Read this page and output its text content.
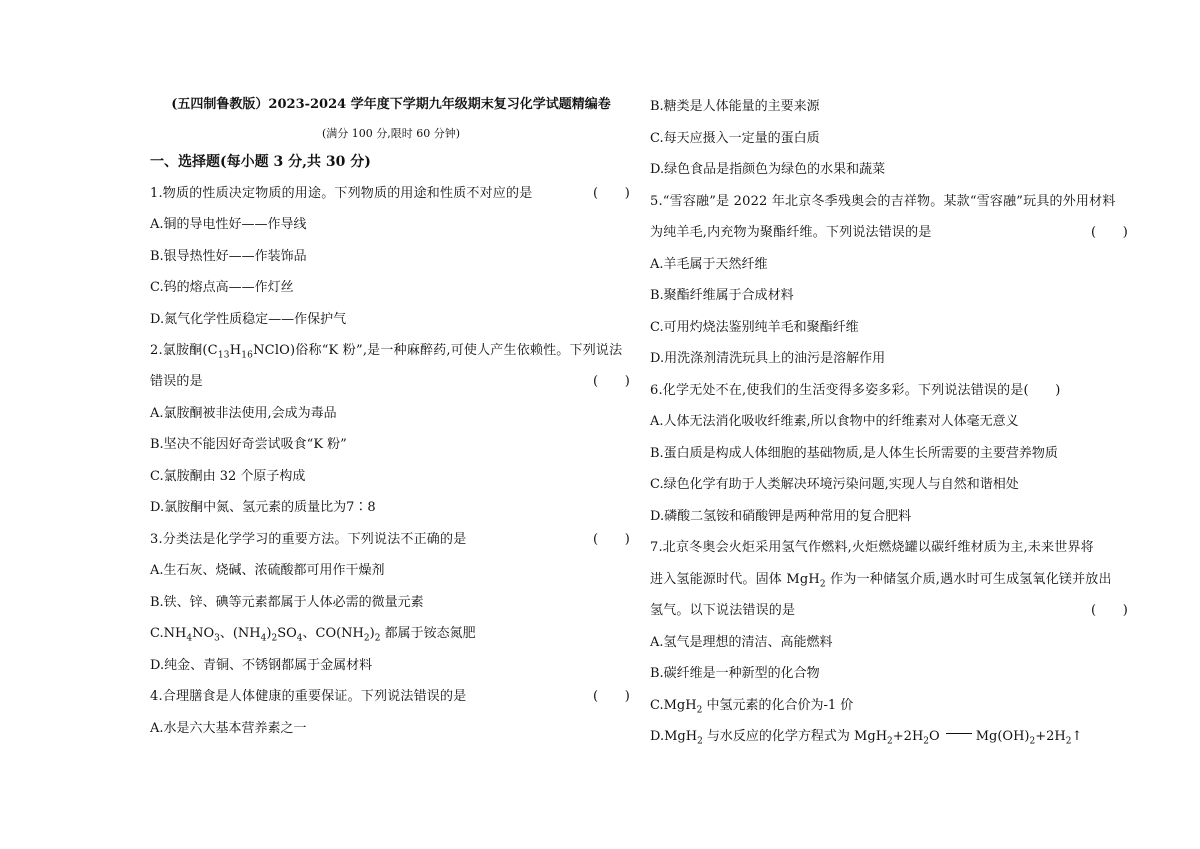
(五四制鲁教版）2023-2024 学年度下学期九年级期末复习化学试题精编卷
(满分 100 分,限时 60 分钟)
一、选择题(每小题 3 分,共 30 分)
1.物质的性质决定物质的用途。下列物质的用途和性质不对应的是	(　　)
A.铜的导电性好——作导线
B.银导热性好——作装饰品
C.钨的熔点高——作灯丝
D.氮气化学性质稳定——作保护气
2.氯胺酮$(C_{13}H_{16}NClO)$俗称“K 粉”,是一种麻醉药,可使人产生依赖性。下列说法
错误的是	(　　)
A.氯胺酮被非法使用,会成为毒品
B.坚决不能因好奇尝试吸食“K 粉”
C.氯胺酮由 32 个原子构成
D.氯胺酮中氮、氢元素的质量比为7∶8
3.分类法是化学学习的重要方法。下列说法不正确的是	(　　)
A.生石灰、烧碱、浓硫酸都可用作干燥剂
B.铁、锌、碘等元素都属于人体必需的微量元素
$C.NH_4NO_3$、$(NH_4)_2SO_4$、$CO(NH_2)_2$ 都属于铵态氮肥
D.纯金、青铜、不锈钢都属于金属材料
4.合理膳食是人体健康的重要保证。下列说法错误的是	(　　)
A.水是六大基本营养素之一
B.糖类是人体能量的主要来源
C.每天应摄入一定量的蛋白质
D.绿色食品是指颜色为绿色的水果和蔬菜
5.“雪容融”是 2022 年北京冬季残奥会的吉祥物。某款“雪容融”玩具的外用材料
为纯羊毛,内充物为聚酯纤维。下列说法错误的是	(　　)
A.羊毛属于天然纤维
B.聚酯纤维属于合成材料
C.可用灼烧法鉴别纯羊毛和聚酯纤维
D.用洗涤剂清洗玩具上的油污是溶解作用
6.化学无处不在,使我们的生活变得多姿多彩。下列说法错误的是(　　)
A.人体无法消化吸收纤维素,所以食物中的纤维素对人体毫无意义
B.蛋白质是构成人体细胞的基础物质,是人体生长所需要的主要营养物质
C.绿色化学有助于人类解决环境污染问题,实现人与自然和谐相处
D.磷酸二氢铵和硝酸钾是两种常用的复合肥料
7.北京冬奥会火炬采用氢气作燃料,火炬燃烧罐以碳纤维材质为主,未来世界将
进入氢能源时代。固体 MgH$_2$ 作为一种储氢介质,遇水时可生成氢氧化镁并放出
氢气。以下说法错误的是	(　　)
A.氢气是理想的清洁、高能燃料
B.碳纤维是一种新型的化合物
C.MgH$_2$ 中氢元素的化合价为-1 价
D.MgH$_2$ 与水反应的化学方程式为 $MgH_2+2H_2O$	$Mg(OH)_2+2H_2↑$
